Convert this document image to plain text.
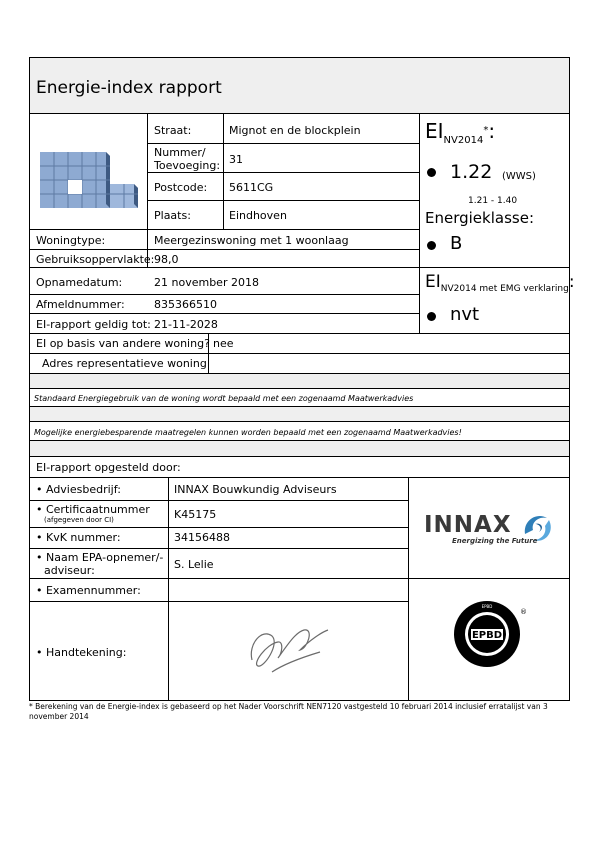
Energie-index rapport
Straat:	Mignot en de blockplein
Nummer/
Toevoeging: 31
Postcode: 5611CG
Plaats:	Eindhoven
Woningtype:	Meergezinswoning met 1 woonlaag
Gebruiksoppervlakte: 98,0
Opnamedatum:	21 november 2018
Afmeldnummer:	835366510
EI-rapport geldig tot: 21-11-2028
EI op basis van andere woning? nee
Adres representatieve woning
$EI_{NV2014}^*$:
1.22 (WWS)
1.21 - 1.40
Energieklasse:
B
$EI_{NV2014 met EMG verklaring}$:
nvt
Standaard Energiegebruik van de woning wordt bepaald met een zogenaamd Maatwerkadvies
Mogelijke energiebesparende maatregelen kunnen worden bepaald met een zogenaamd Maatwerkadvies!
EI-rapport opgesteld door:
• Adviesbedrijf:	INNAX Bouwkundig Adviseurs
• Certificaatnummer
(afgegeven door CI)	K45175
• KvK nummer:	34156488
• Naam EPA-opnemer/-
adviseur:	S. Lelie
• Examennummer:
• Handtekening:
INNAX
Energizing the Future
EPBD
EPBD
®
* Berekening van de Energie-index is gebaseerd op het Nader Voorschrift NEN7120 vastgesteld 10 februari 2014 inclusief erratalijst van 3
november 2014
